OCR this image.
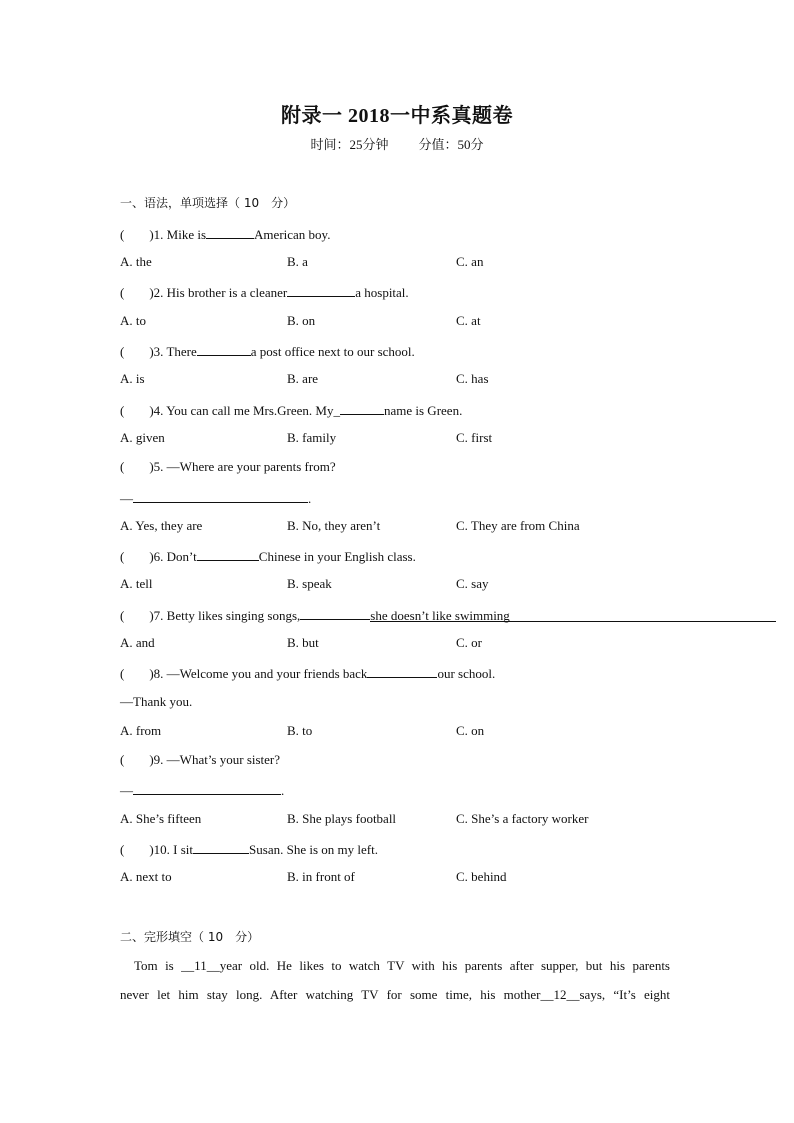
附录一 2018一中系真题卷
时间：25分钟 分值：50分
一、语法，单项选择（ 10　分）
( )1. Mike is	American boy.
A. the	B. a	C. an
( )2. His brother is a cleaner	a hospital.
A. to	B. on	C. at
( )3. There	a post office next to our school.
A. is	B. are	C. has
( )4. You can call me Mrs.Green. My_	name is Green.
A. given	B. family	C. first
( )5. —Where are your parents from?
—	.
A. Yes, they are	B. No, they aren’t	C. They are from China
( )6. Don’t	Chinese in your English class.
A. tell	B. speak	C. say
( )7. Betty likes singing songs,	she doesn’t like swimming
A. and	B. but	C. or
( )8. —Welcome you and your friends back	our school.
—Thank you.
A. from	B. to	C. on
( )9. —What’s your sister?
—	.
A. She’s fifteen	B. She plays football	C. She’s a factory worker
( )10. I sit	Susan. She is on my left.
A. next to	B. in front of	C. behind
二、完形填空（ 10　分）
Tom is __11__year old. He likes to watch TV with his parents after supper, but his parents
never let him stay long. After watching TV for some time, his mother__12__says, “It’s eight
